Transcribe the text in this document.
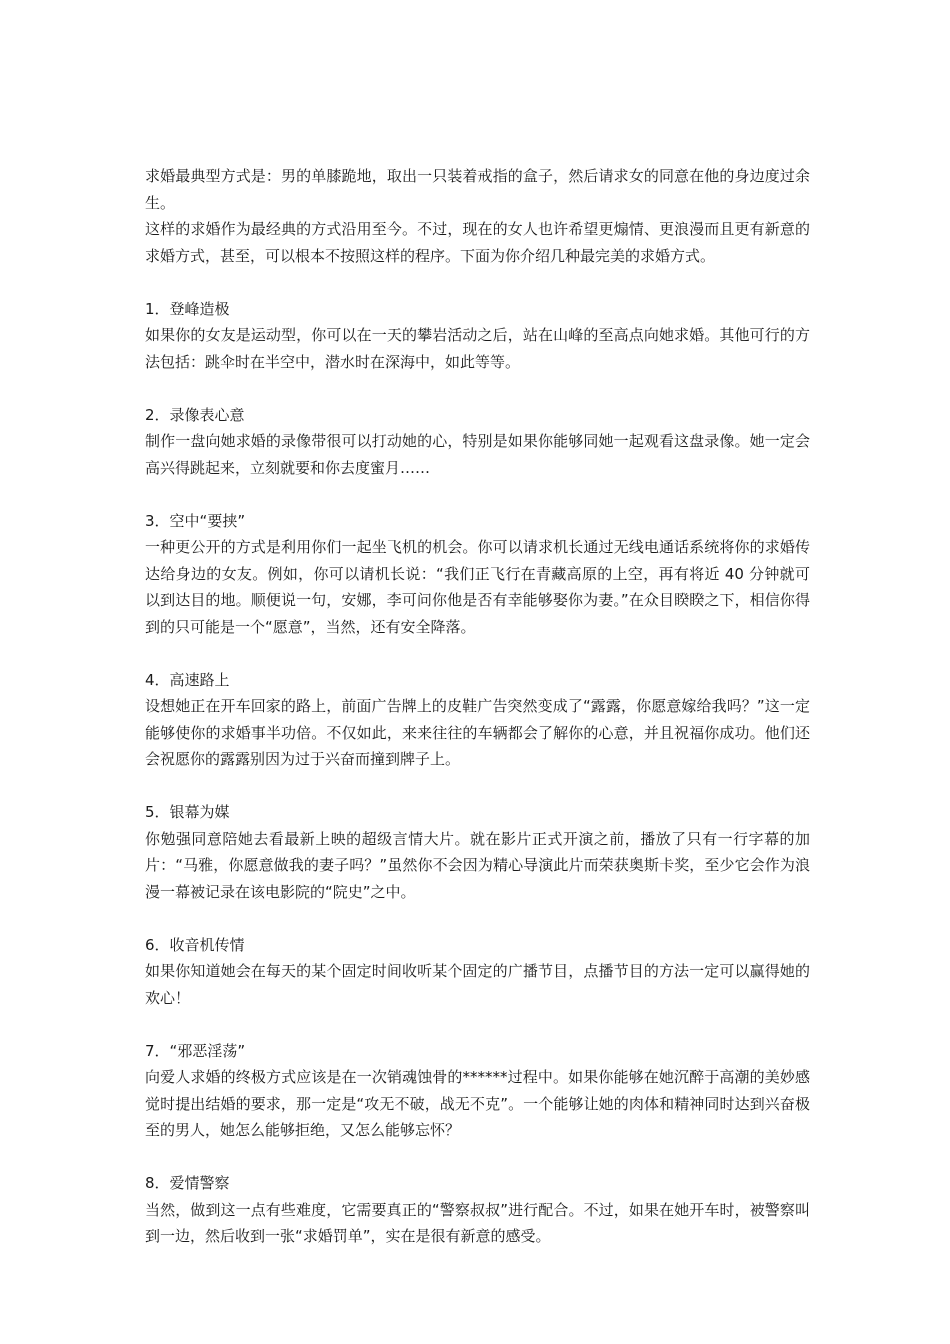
求婚最典型方式是：男的单膝跪地，取出一只装着戒指的盒子，然后请求女的同意在他的身边度过余生。

这样的求婚作为最经典的方式沿用至今。不过，现在的女人也许希望更煽情、更浪漫而且更有新意的求婚方式，甚至，可以根本不按照这样的程序。下面为你介绍几种最完美的求婚方式。

1．登峰造极

如果你的女友是运动型，你可以在一天的攀岩活动之后，站在山峰的至高点向她求婚。其他可行的方法包括：跳伞时在半空中，潜水时在深海中，如此等等。

2．录像表心意

制作一盘向她求婚的录像带很可以打动她的心，特别是如果你能够同她一起观看这盘录像。她一定会高兴得跳起来，立刻就要和你去度蜜月……

3．空中“要挟”

一种更公开的方式是利用你们一起坐飞机的机会。你可以请求机长通过无线电通话系统将你的求婚传达给身边的女友。例如，你可以请机长说：“我们正飞行在青藏高原的上空，再有将近 40 分钟就可以到达目的地。顺便说一句，安娜，李可问你他是否有幸能够娶你为妻。”在众目睽睽之下，相信你得到的只可能是一个“愿意”，当然，还有安全降落。

4．高速路上

设想她正在开车回家的路上，前面广告牌上的皮鞋广告突然变成了“露露，你愿意嫁给我吗？”这一定能够使你的求婚事半功倍。不仅如此，来来往往的车辆都会了解你的心意，并且祝福你成功。他们还会祝愿你的露露别因为过于兴奋而撞到牌子上。

5．银幕为媒

你勉强同意陪她去看最新上映的超级言情大片。就在影片正式开演之前，播放了只有一行字幕的加片：“马雅，你愿意做我的妻子吗？”虽然你不会因为精心导演此片而荣获奥斯卡奖，至少它会作为浪漫一幕被记录在该电影院的“院史”之中。

6．收音机传情

如果你知道她会在每天的某个固定时间收听某个固定的广播节目，点播节目的方法一定可以赢得她的欢心！

7．“邪恶淫荡”

向爱人求婚的终极方式应该是在一次销魂蚀骨的******过程中。如果你能够在她沉醉于高潮的美妙感觉时提出结婚的要求，那一定是“攻无不破，战无不克”。一个能够让她的肉体和精神同时达到兴奋极至的男人，她怎么能够拒绝，又怎么能够忘怀？

8．爱情警察

当然，做到这一点有些难度，它需要真正的“警察叔叔”进行配合。不过，如果在她开车时，被警察叫到一边，然后收到一张“求婚罚单”，实在是很有新意的感受。
